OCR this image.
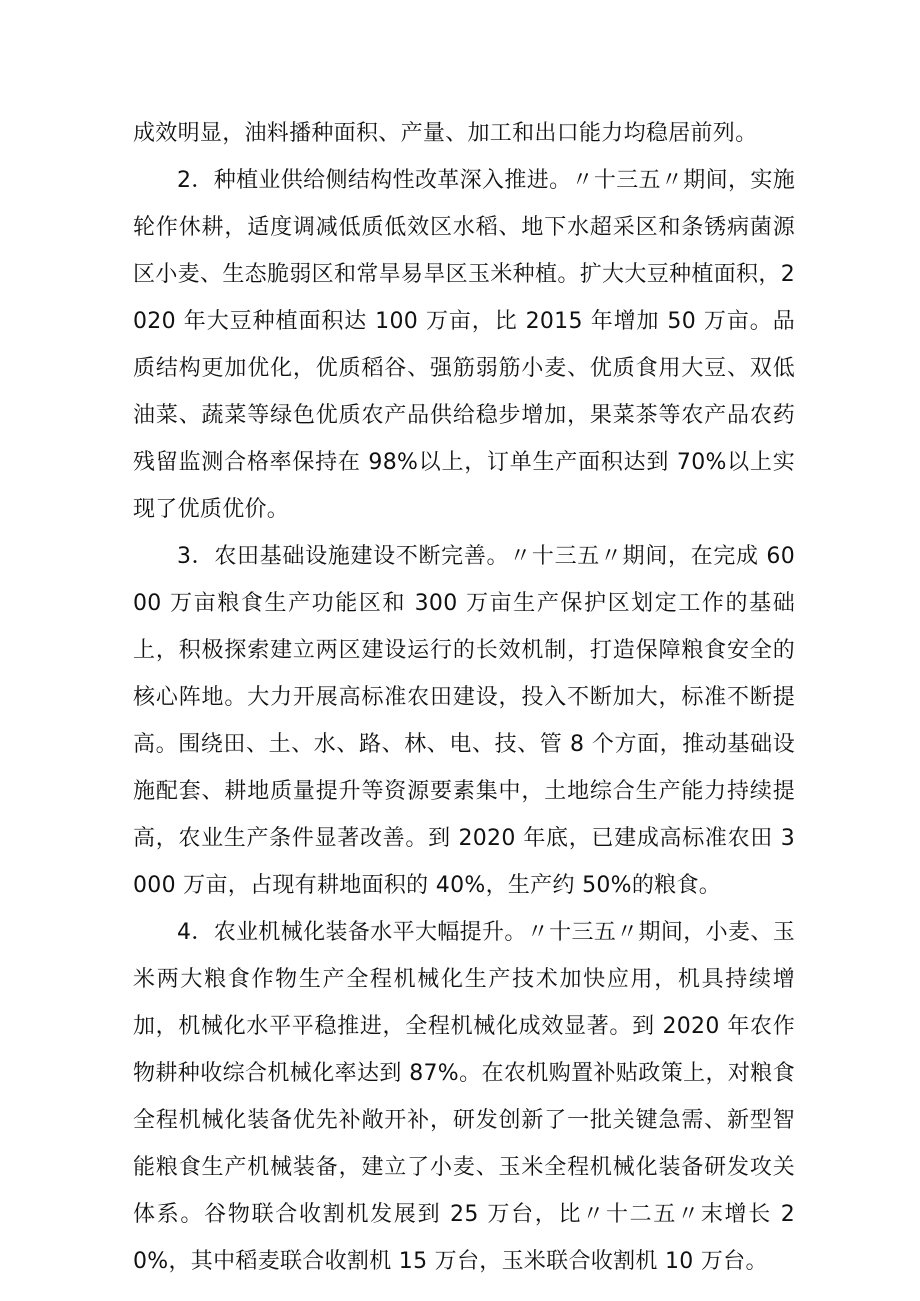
成效明显，油料播种面积、产量、加工和出口能力均稳居前列。

2．种植业供给侧结构性改革深入推进。〃十三五〃期间，实施轮作休耕，适度调减低质低效区水稻、地下水超采区和条锈病菌源区小麦、生态脆弱区和常旱易旱区玉米种植。扩大大豆种植面积，2020 年大豆种植面积达 100 万亩，比 2015 年增加 50 万亩。品质结构更加优化，优质稻谷、强筋弱筋小麦、优质食用大豆、双低油菜、蔬菜等绿色优质农产品供给稳步增加，果菜茶等农产品农药残留监测合格率保持在 98%以上，订单生产面积达到 70%以上实现了优质优价。

3．农田基础设施建设不断完善。〃十三五〃期间，在完成 6000 万亩粮食生产功能区和 300 万亩生产保护区划定工作的基础上，积极探索建立两区建设运行的长效机制，打造保障粮食安全的核心阵地。大力开展高标准农田建设，投入不断加大，标准不断提高。围绕田、土、水、路、林、电、技、管 8 个方面，推动基础设施配套、耕地质量提升等资源要素集中，土地综合生产能力持续提高，农业生产条件显著改善。到 2020 年底，已建成高标准农田 3000 万亩，占现有耕地面积的 40%，生产约 50%的粮食。

4．农业机械化装备水平大幅提升。〃十三五〃期间，小麦、玉米两大粮食作物生产全程机械化生产技术加快应用，机具持续增加，机械化水平平稳推进，全程机械化成效显著。到 2020 年农作物耕种收综合机械化率达到 87%。在农机购置补贴政策上，对粮食全程机械化装备优先补敞开补，研发创新了一批关键急需、新型智能粮食生产机械装备，建立了小麦、玉米全程机械化装备研发攻关体系。谷物联合收割机发展到 25 万台，比〃十二五〃末增长 20%，其中稻麦联合收割机 15 万台，玉米联合收割机 10 万台。
